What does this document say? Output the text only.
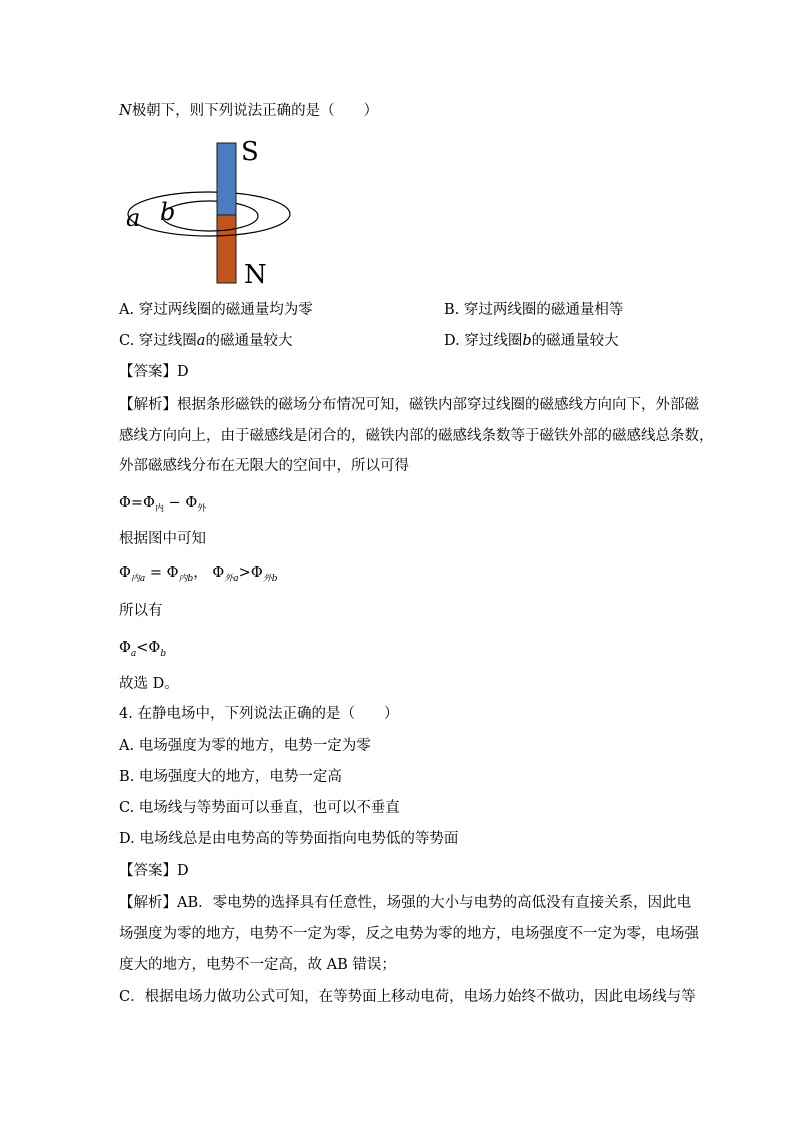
N极朝下，则下列说法正确的是（　　）
S
N
a b
A. 穿过两线圈的磁通量均为零	B. 穿过两线圈的磁通量相等
C. 穿过线圈a的磁通量较大	D. 穿过线圈b的磁通量较大
【答案】D
【解析】根据条形磁铁的磁场分布情况可知，磁铁内部穿过线圈的磁感线方向向下，外部磁
感线方向向上，由于磁感线是闭合的，磁铁内部的磁感线条数等于磁铁外部的磁感线总条数，
外部磁感线分布在无限大的空间中，所以可得
$\Phi=\Phi_内 - \Phi_外$
根据图中可知
$\Phi_{内a} = \Phi_{内b}$， $\Phi_{外a}>\Phi_{外b}$
所以有
$\Phi_a<\Phi_b$
故选 D。
4. 在静电场中，下列说法正确的是（　　）
A. 电场强度为零的地方，电势一定为零
B. 电场强度大的地方，电势一定高
C. 电场线与等势面可以垂直，也可以不垂直
D. 电场线总是由电势高的等势面指向电势低的等势面
【答案】D
【解析】AB．零电势的选择具有任意性，场强的大小与电势的高低没有直接关系，因此电
场强度为零的地方，电势不一定为零，反之电势为零的地方，电场强度不一定为零，电场强
度大的地方，电势不一定高，故 AB 错误；
C．根据电场力做功公式可知，在等势面上移动电荷，电场力始终不做功，因此电场线与等
